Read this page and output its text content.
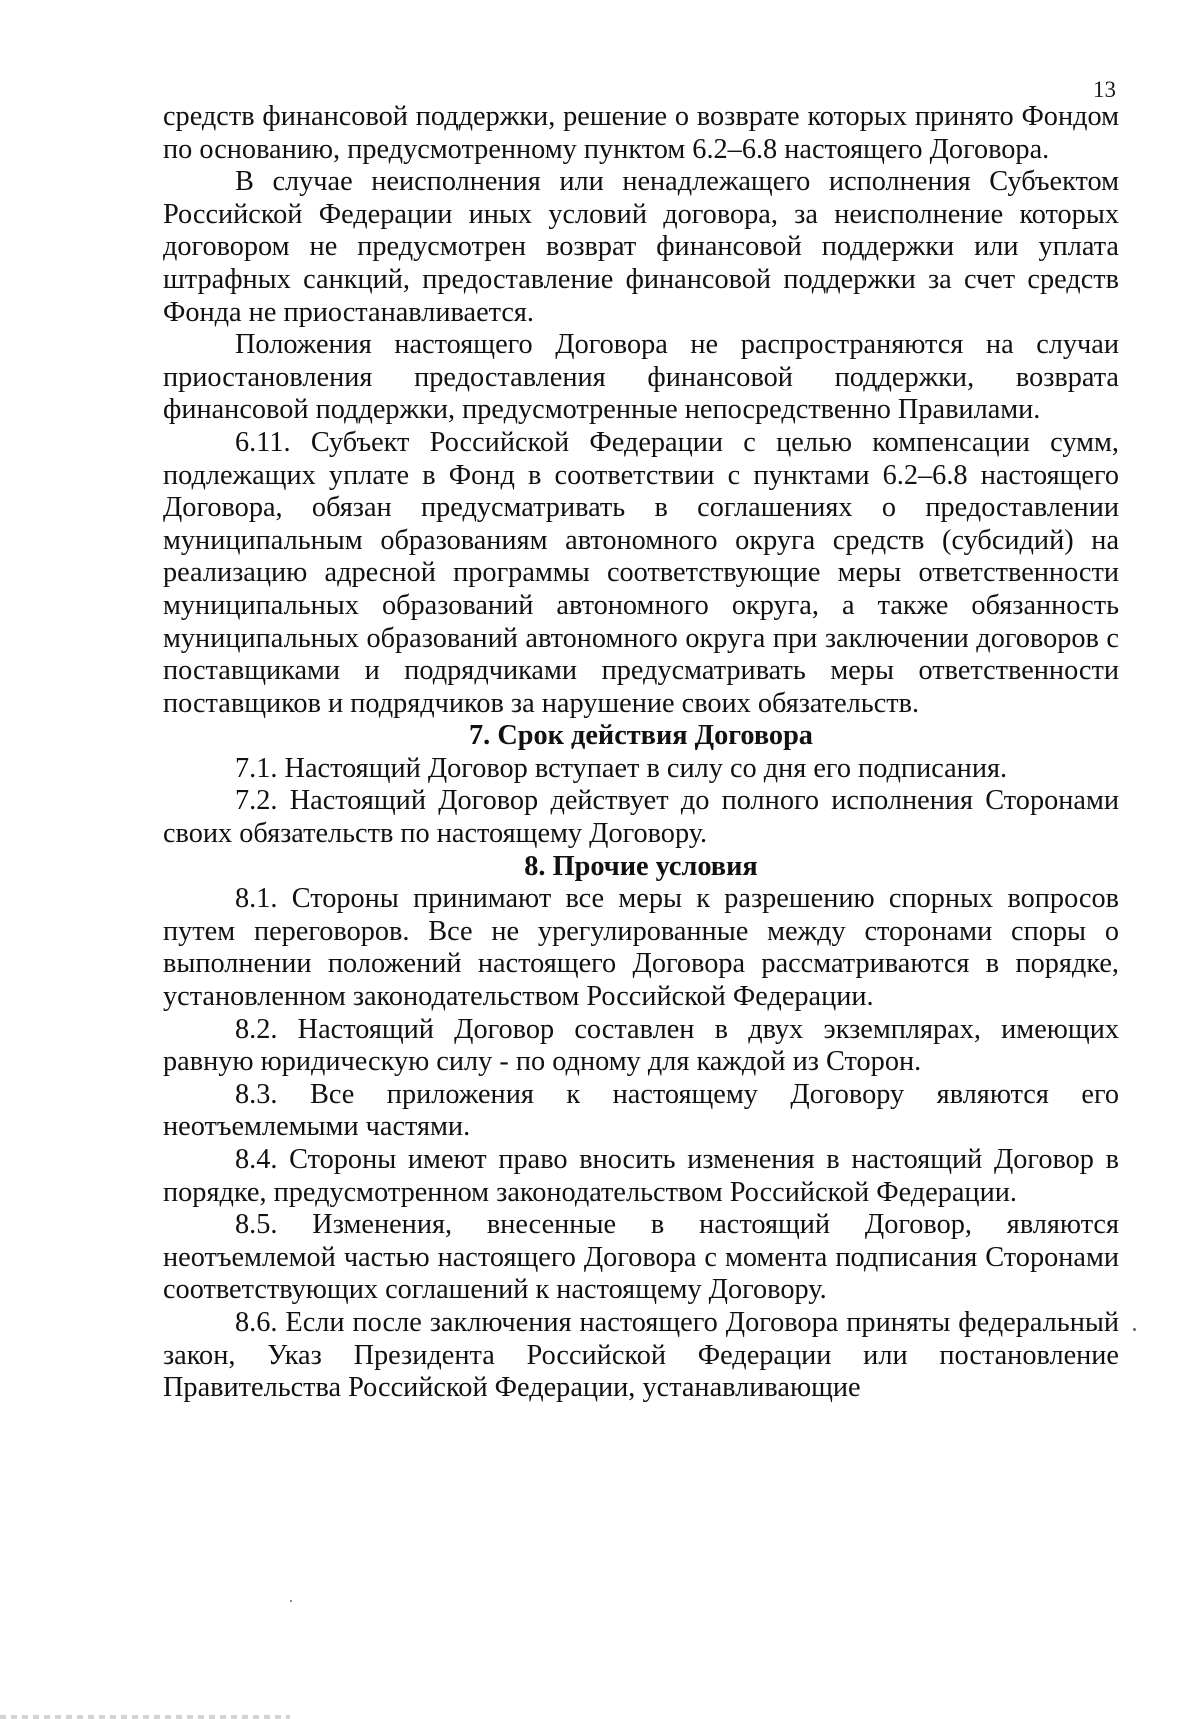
13

средств финансовой поддержки, решение о возврате которых принято Фондом по основанию, предусмотренному пунктом 6.2–6.8 настоящего Договора.

В случае неисполнения или ненадлежащего исполнения Субъектом Российской Федерации иных условий договора, за неисполнение которых договором не предусмотрен возврат финансовой поддержки или уплата штрафных санкций, предоставление финансовой поддержки за счет средств Фонда не приостанавливается.

Положения настоящего Договора не распространяются на случаи приостановления предоставления финансовой поддержки, возврата финансовой поддержки, предусмотренные непосредственно Правилами.

6.11. Субъект Российской Федерации с целью компенсации сумм, подлежащих уплате в Фонд в соответствии с пунктами 6.2–6.8 настоящего Договора, обязан предусматривать в соглашениях о предоставлении муниципальным образованиям автономного округа средств (субсидий) на реализацию адресной программы соответствующие меры ответственности муниципальных образований автономного округа, а также обязанность муниципальных образований автономного округа при заключении договоров с поставщиками и подрядчиками предусматривать меры ответственности поставщиков и подрядчиков за нарушение своих обязательств.

7. Срок действия Договора

7.1. Настоящий Договор вступает в силу со дня его подписания.

7.2. Настоящий Договор действует до полного исполнения Сторонами своих обязательств по настоящему Договору.

8. Прочие условия

8.1. Стороны принимают все меры к разрешению спорных вопросов путем переговоров. Все не урегулированные между сторонами споры о выполнении положений настоящего Договора рассматриваются в порядке, установленном законодательством Российской Федерации.

8.2. Настоящий Договор составлен в двух экземплярах, имеющих равную юридическую силу - по одному для каждой из Сторон.

8.3. Все приложения к настоящему Договору являются его неотъемлемыми частями.

8.4. Стороны имеют право вносить изменения в настоящий Договор в порядке, предусмотренном законодательством Российской Федерации.

8.5. Изменения, внесенные в настоящий Договор, являются неотъемлемой частью настоящего Договора с момента подписания Сторонами соответствующих соглашений к настоящему Договору.

8.6. Если после заключения настоящего Договора приняты федеральный закон, Указ Президента Российской Федерации или постановление Правительства Российской Федерации, устанавливающие
